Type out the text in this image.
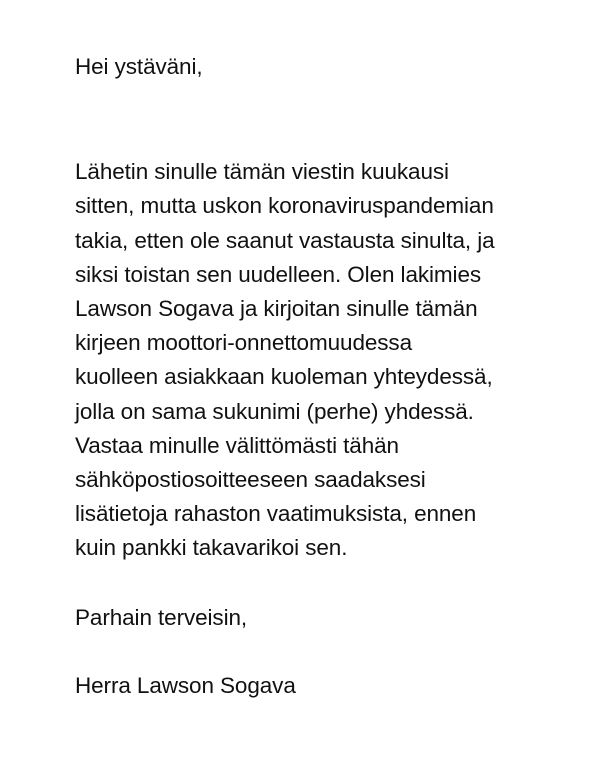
Hei ystäväni,
Lähetin sinulle tämän viestin kuukausi
sitten, mutta uskon koronaviruspandemian
takia, etten ole saanut vastausta sinulta, ja
siksi toistan sen uudelleen. Olen lakimies
Lawson Sogava ja kirjoitan sinulle tämän
kirjeen moottori-onnettomuudessa
kuolleen asiakkaan kuoleman yhteydessä,
jolla on sama sukunimi (perhe) yhdessä.
Vastaa minulle välittömästi tähän
sähköpostiosoitteeseen saadaksesi
lisätietoja rahaston vaatimuksista, ennen
kuin pankki takavarikoi sen.
Parhain terveisin,
Herra Lawson Sogava
